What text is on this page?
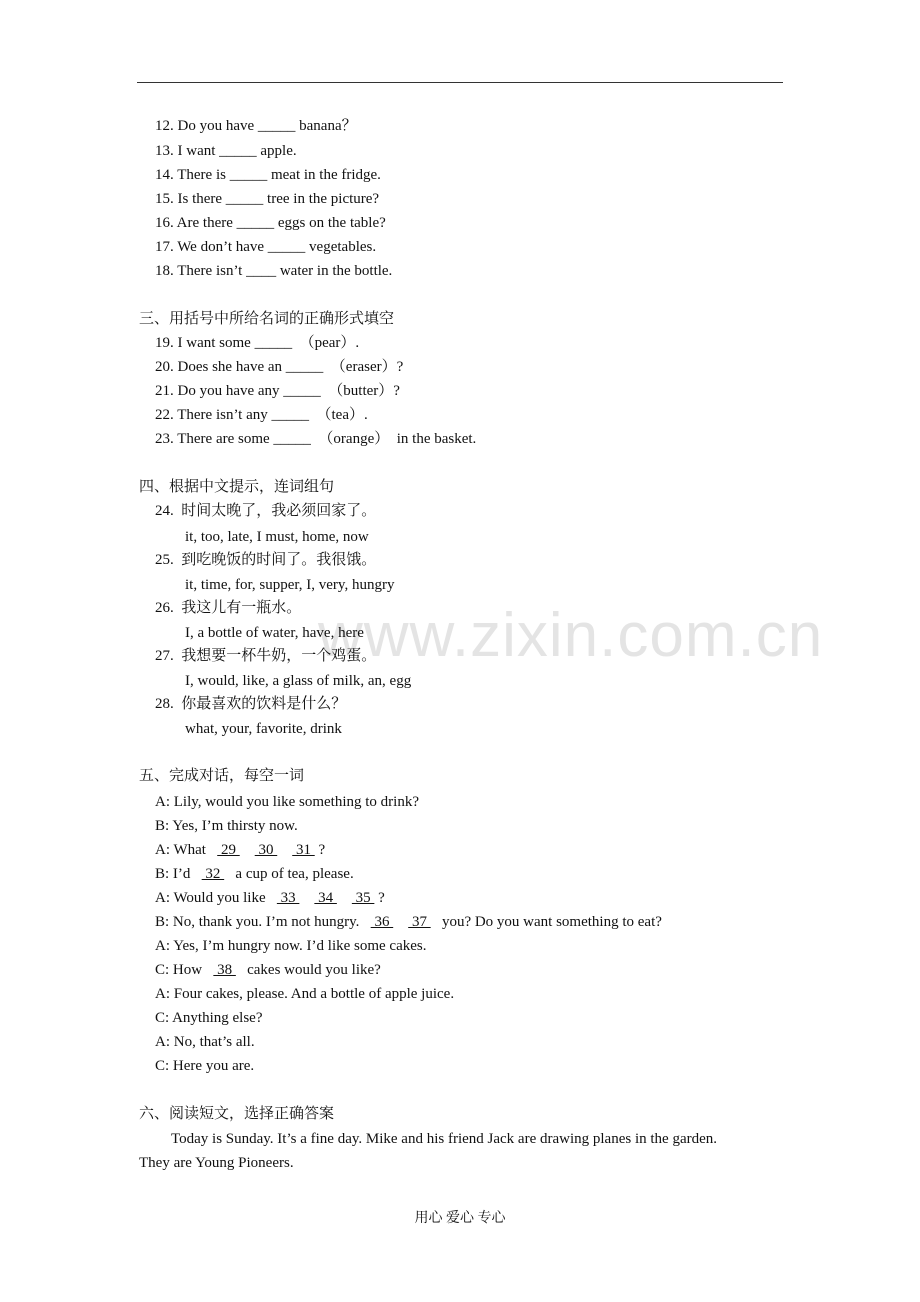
www.zixin.com.cn
12. Do you have _____ banana？
13. I want _____ apple.
14. There is _____ meat in the fridge.
15. Is there _____ tree in the picture?
16. Are there _____ eggs on the table?
17. We don’t have _____ vegetables.
18. There isn’t ____ water in the bottle.
三、用括号中所给名词的正确形式填空
19. I want some _____  （pear）.
20. Does she have an _____  （eraser）?
21. Do you have any _____  （butter）?
22. There isn’t any _____  （tea）.
23. There are some _____  （orange）  in the basket.
四、根据中文提示，连词组句
24.  时间太晚了，我必须回家了。
it, too, late, I must, home, now
25.  到吃晚饭的时间了。我很饿。
it, time, for, supper, I, very, hungry
26.  我这儿有一瓶水。
I, a bottle of water, have, here
27.  我想要一杯牛奶，一个鸡蛋。
I, would, like, a glass of milk, an, egg
28.  你最喜欢的饮料是什么？
what, your, favorite, drink
五、完成对话，每空一词
A: Lily, would you like something to drink?
B: Yes, I’m thirsty now.
A: What   29    30    31 ?
B: I’d   32   a cup of tea, please.
A: Would you like   33    34    35 ?
B: No, thank you. I’m not hungry.   36    37   you? Do you want something to eat?
A: Yes, I’m hungry now. I’d like some cakes.
C: How   38   cakes would you like?
A: Four cakes, please. And a bottle of apple juice.
C: Anything else?
A: No, that’s all.
C: Here you are.
六、阅读短文，选择正确答案
Today is Sunday. It’s a fine day. Mike and his friend Jack are drawing planes in the garden.
They are Young Pioneers.
用心 爱心 专心
